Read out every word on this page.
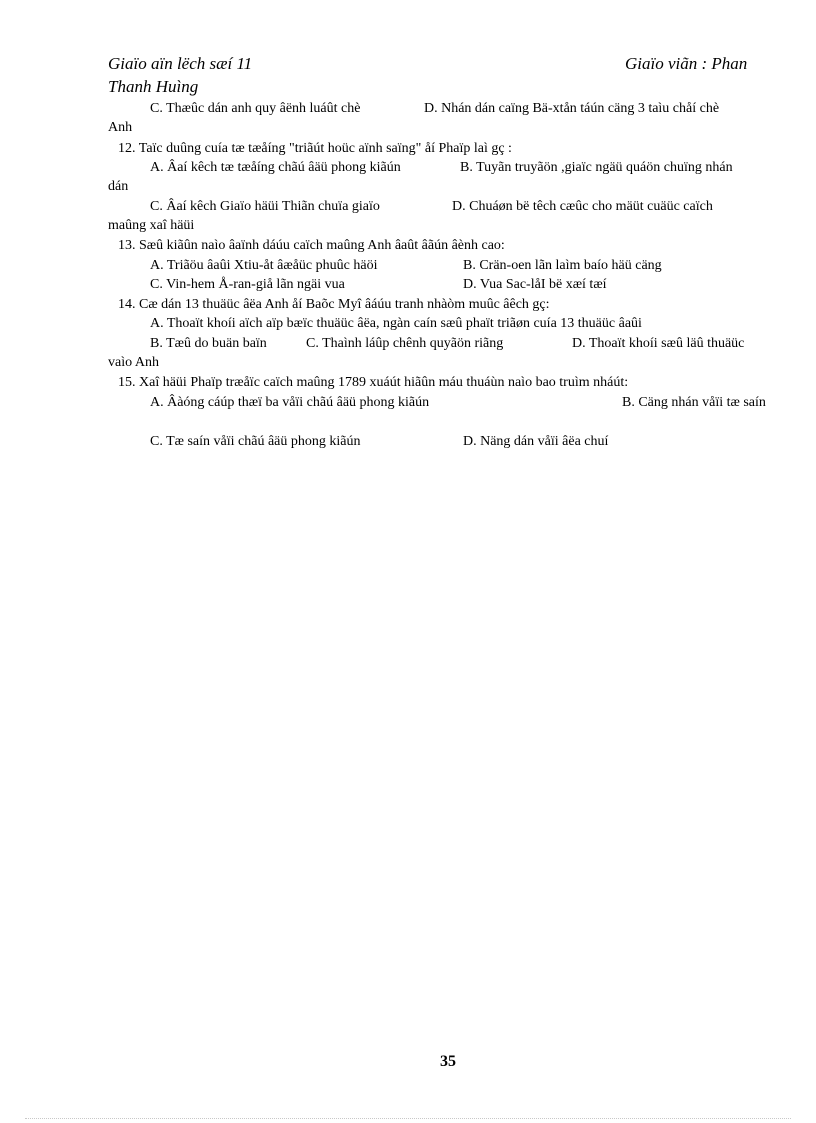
Giaïo aïn lëch sæí 11	Giaïo viãn : Phan
Thanh Huìng
C. Thæûc dán anh quy âënh luáût chè	D. Nhán dán caïng Bä-xtån táún cäng 3 taìu chåí chè
Anh
12. Taïc duûng cuía tæ tæåíng "triãút hoüc aïnh saïng" åí Phaïp laì gç :
A. Âaí kêch tæ tæåíng chãú âäü phong kiãún	B. Tuyãn truyãön ,giaïc ngäü quáön chuïng nhán
dán
C. Âaí kêch Giaïo häüi Thiãn chuïa giaïo	D. Chuáøn bë têch cæûc cho mäüt cuäüc caïch
maûng xaî häüi
13. Sæû kiãûn naìo âaïnh dáúu caïch maûng Anh âaût âãún âènh cao:
A. Triãöu âaûi Xtiu-åt âæåüc phuûc häöi	B. Crän-oen lãn laìm baío häü cäng
C. Vin-hem Å-ran-giå lãn ngäi vua	D. Vua Sac-låI bë xæí tæí
14. Cæ dán 13 thuäüc âëa Anh åí Baõc Myî âáúu tranh nhàòm muûc âêch gç:
A. Thoaït khoíi aïch aïp bæïc thuäüc âëa, ngàn caín sæû phaït triãøn cuía 13 thuäüc âaûi
B. Tæû do buän baïn	C. Thaình láûp chênh quyãön riãng	D. Thoaït khoíi sæû läû thuäüc
vaìo Anh
15. Xaî häüi Phaïp træåïc caïch maûng 1789 xuáút hiãûn máu thuáùn naìo bao truìm nháút:
A. Âàóng cáúp thæï ba våïi chãú âäü phong kiãún	B. Cäng nhán våïi tæ saín
C. Tæ saín våïi chãú âäü phong kiãún	D. Näng dán våïi âëa chuí
35
